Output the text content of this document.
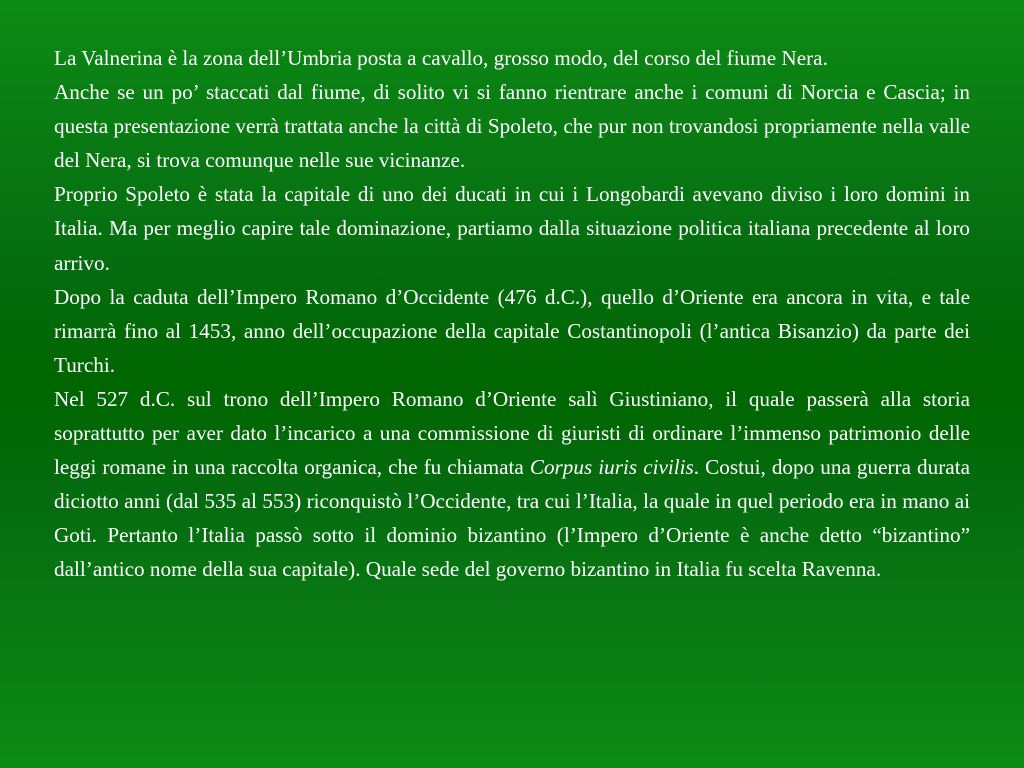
La Valnerina è la zona dell’Umbria posta a cavallo, grosso modo, del corso del fiume Nera.

Anche se un po’ staccati dal fiume, di solito vi si fanno rientrare anche i comuni di Norcia e Cascia; in questa presentazione verrà trattata anche la città di Spoleto, che pur non trovandosi propriamente nella valle del Nera, si trova comunque nelle sue vicinanze.

Proprio Spoleto è stata la capitale di uno dei ducati in cui i Longobardi avevano diviso i loro domini in Italia. Ma per meglio capire tale dominazione, partiamo dalla situazione politica italiana precedente al loro arrivo.

Dopo la caduta dell’Impero Romano d’Occidente (476 d.C.), quello d’Oriente era ancora in vita, e tale rimarrà fino al 1453, anno dell’occupazione della capitale Costantinopoli (l’antica Bisanzio) da parte dei Turchi.

Nel 527 d.C. sul trono dell’Impero Romano d’Oriente salì Giustiniano, il quale passerà alla storia soprattutto per aver dato l’incarico a una commissione di giuristi di ordinare l’immenso patrimonio delle leggi romane in una raccolta organica, che fu chiamata Corpus iuris civilis. Costui, dopo una guerra durata diciotto anni (dal 535 al 553) riconquistò l’Occidente, tra cui l’Italia, la quale in quel periodo era in mano ai Goti. Pertanto l’Italia passò sotto il dominio bizantino (l’Impero d’Oriente è anche detto “bizantino” dall’antico nome della sua capitale). Quale sede del governo bizantino in Italia fu scelta Ravenna.
